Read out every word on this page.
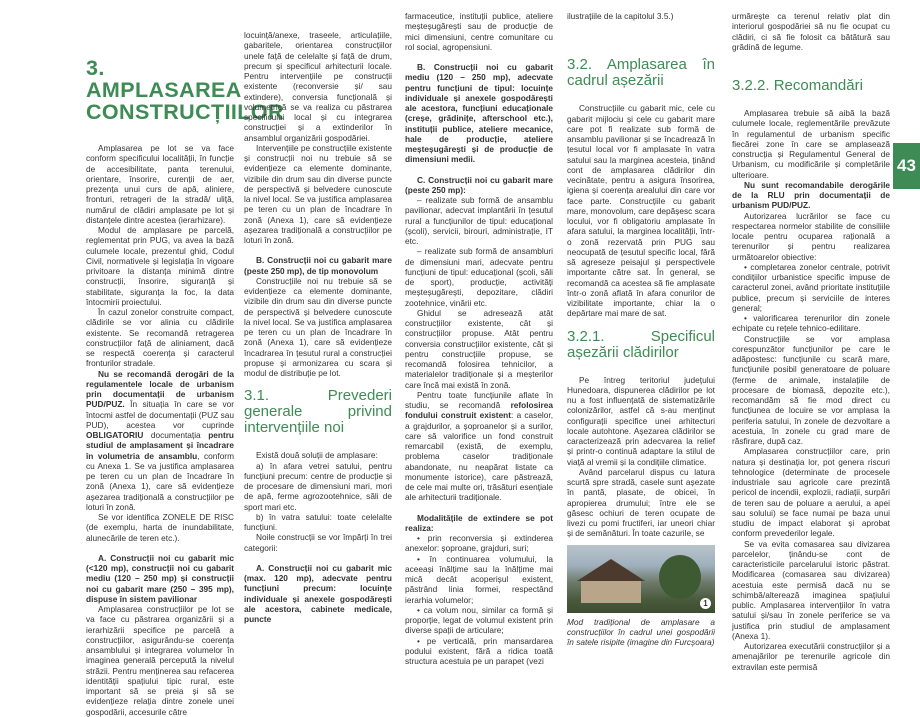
3. AMPLASAREA CONSTRUCȚIILOR

Amplasarea pe lot se va face conform specificului localității, în funcție de accesibilitate, panta terenului, orientare, însorire, curenții de aer, prezența unui curs de apă, aliniere, fronturi, retrageri de la stradă/ uliță, numărul de clădiri amplasate pe lot și distanțele dintre acestea (ierarhizare).

Modul de amplasare pe parcelă, reglementat prin PUG, va avea la bază culumele locale, prezentul ghid, Codul Civil, normativele și legislația în vigoare privitoare la distanța minimă dintre construcții, însorire, siguranță și stabilitate, siguranța la foc, la data întocmirii proiectului.

În cazul zonelor construite compact, clădirile se vor alinia cu clădirile existente. Se recomandă retragerea construcțiilor față de aliniament, dacă se respectă coerența și caracterul fronturilor stradale.

Nu se recomandă derogări de la regulamentele locale de urbanism prin documentații de urbanism PUD/PUZ. În situația în care se vor întocmi astfel de documentații (PUZ sau PUD), acestea vor cuprinde OBLIGATORIU documentația pentru studiul de amplasament și încadrare în volumetria de ansamblu, conform cu Anexa 1. Se va justifica amplasarea pe teren cu un plan de încadrare în zonă (Anexa 1), care să evidențieze așezarea tradițională a construcțiilor pe loturi în zonă.

Se vor identifica ZONELE DE RISC (de exemplu, harta de inundabilitate, alunecările de teren etc.).

A. Construcții noi cu gabarit mic (<120 mp), construcții noi cu gabarit mediu (120 – 250 mp) și construcții noi cu gabarit mare (250 – 395 mp), dispuse în sistem pavilionar

Amplasarea construcțiilor pe lot se va face cu păstrarea organizării și a ierarhizării specifice pe parcelă a construcțiilor, asigurându-se coerența ansamblului și integrarea volumelor în imaginea generală percepută la nivelul străzii. Pentru menținerea sau refacerea identității spațiului tipic rural, este important să se preia și să se evidențieze relația dintre zonele unei gospodării, accesurile către

locuință/anexe, traseele, articulațiile, gabaritele, orientarea construcțiilor unele față de celelalte și față de drum, precum și specificul arhitecturii locale. Pentru intervențiile pe construcții existente (reconversie și/ sau extindere), conversia funcțională și volumetrică se va realiza cu păstrarea specificului local și cu integrarea construcției și a extinderilor în ansamblul organizării gospodăriei.

Intervențiile pe construcțiile existente și construcții noi nu trebuie să se evidențieze ca elemente dominante, vizibile din drum sau din diverse puncte de perspectivă și belvedere cunoscute la nivel local. Se va justifica amplasarea pe teren cu un plan de încadrare în zonă (Anexa 1), care să evidențieze așezarea tradițională a construcțiilor pe loturi în zonă.

B. Construcții noi cu gabarit mare (peste 250 mp), de tip monovolum

Construcțiile noi nu trebuie să se evidențieze ca elemente dominante, vizibile din drum sau din diverse puncte de perspectivă și belvedere cunoscute la nivel local. Se va justifica amplasarea pe teren cu un plan de încadrare în zonă (Anexa 1), care să evidențieze încadrarea în țesutul rural a construcției propuse și armonizarea cu scara și modul de distribuție pe lot.

3.1. Prevederi generale privind intervențiile noi

Există două soluții de amplasare:

a) în afara vetrei satului, pentru funcțiuni precum: centre de producție și de procesare de dimensiuni mari, mori de apă, ferme agrozootehnice, săli de sport mari etc.

b) în vatra satului: toate celelalte funcțiuni.

Noile construcții se vor împărți în trei categorii:

A. Construcții noi cu gabarit mic (max. 120 mp), adecvate pentru funcțiuni precum: locuințe individuale și anexele gospodărești ale acestora, cabinete medicale, puncte

farmaceutice, instituții publice, ateliere meșteșugărești sau de producție de mici dimensiuni, centre comunitare cu rol social, agropensiuni.

B. Construcții noi cu gabarit mediu (120 – 250 mp), adecvate pentru funcțiuni de tipul: locuințe individuale și anexele gospodărești ale acestora, funcțiuni educaționale (creșe, grădinițe, afterschool etc.), instituții publice, ateliere mecanice, hale de producție, ateliere meșteșugărești și de producție de dimensiuni medii.

C. Construcții noi cu gabarit mare (peste 250 mp):

– realizate sub formă de ansamblu pavilionar, adecvat implantării în țesutul rural a funcțiunilor de tipul: educațional (școli), servicii, birouri, administrație, IT etc.

– realizate sub formă de ansambluri de dimensiuni mari, adecvate pentru funcțiuni de tipul: educațional (școli, săli de sport), producție, activități meșteșugărești, depozitare, clădiri zootehnice, vinării etc.

Ghidul se adresează atât construcțiilor existente, cât și construcțiilor propuse. Atât pentru conversia construcțiilor existente, cât și pentru construcțiile propuse, se recomandă folosirea tehnicilor, a materialelor tradiționale și a meșterilor care încă mai există în zonă.

Pentru toate funcțiunile aflate în studiu, se recomandă refolosirea fondului construit existent: a caselor, a grajdurilor, a șoproanelor și a surilor, care să valorifice un fond construit remarcabil (există, de exemplu, problema caselor tradiționale abandonate, nu neapărat listate ca monumente istorice), care păstrează, de cele mai multe ori, trăsături esențiale ale arhitecturii tradiționale.

Modalitățile de extindere se pot realiza:

• prin reconversia și extinderea anexelor: șoproane, grajduri, suri;

• în continuarea volumului, la aceeași înălțime sau la înălțime mai mică decât acoperișul existent, păstrând linia formei, respectând ierarhia volumelor;

• ca volum nou, similar ca formă și proporție, legat de volumul existent prin diverse spații de articulare;

• pe verticală, prin mansardarea podului existent, fără a ridica toată structura acestuia pe un parapet (vezi

ilustrațiile de la capitolul 3.5.)

3.2. Amplasarea în cadrul așezării

Construcțiile cu gabarit mic, cele cu gabarit mijlociu și cele cu gabarit mare care pot fi realizate sub formă de ansamblu pavilionar și se încadrează în țesutul local vor fi amplasate în vatra satului sau la marginea acesteia, ținând cont de amplasarea clădirilor din vecinătate, pentru a asigura însorirea, igiena și coerența arealului din care vor face parte. Construcțiile cu gabarit mare, monovolum, care depășesc scara locului, vor fi obligatoriu amplasate în afara satului, la marginea localității, într-o zonă rezervată prin PUG sau neocupată de țesutul specific local, fără să agreseze peisajul și perspectivele importante către sat. În general, se recomandă ca acestea să fie amplasate într-o zonă aflată în afara conurilor de vizibilitate importante, chiar la o depărtare mai mare de sat.

3.2.1. Specificul așezării clădirilor

Pe întreg teritoriul județului Hunedoara, dispunerea clădirilor pe lot nu a fost influențată de sistematizările colonizărilor, astfel că s-au menținut configurații specifice unei arhitecturi locale autohtone. Așezarea clădirilor se caracterizează prin adecvarea la relief și printr-o continuă adaptare la stilul de viață al vremii și la condițiile climatice.

Având parcelarul dispus cu latura scurtă spre stradă, casele sunt așezate în pantă, plasate, de obicei, în apropierea drumului; între ele se găsesc ochiuri de teren ocupate de livezi cu pomi fructiferi, iar uneori chiar și de semănături. În toate cazurile, se

1

Mod tradițional de amplasare a construcțiilor în cadrul unei gospodării în satele risipite (imagine din Furcșoara)

urmărește ca terenul relativ plat din interiorul gospodăriei să nu fie ocupat cu clădiri, ci să fie folosit ca bătătură sau grădină de legume.

3.2.2. Recomandări

Amplasarea trebuie să aibă la bază culumele locale, reglementările prevăzute în regulamentul de urbanism specific fiecărei zone în care se amplasează construcția și Regulamentul General de Urbanism, cu modificările și completările ulterioare.

Nu sunt recomandabile derogările de la RLU prin documentații de urbanism PUD/PUZ.

Autorizarea lucrărilor se face cu respectarea normelor stabilite de consiliile locale pentru ocuparea rațională a terenurilor și pentru realizarea următoarelor obiective:

• completarea zonelor centrale, potrivit condițiilor urbanistice specific impuse de caracterul zonei, având prioritate instituțiile publice, precum și serviciile de interes general;

• valorificarea terenurilor din zonele echipate cu rețele tehnico-edilitare.

Construcțiile se vor amplasa corespunzător funcțiunilor pe care le adăpostesc: funcțiunile cu scară mare, funcțiunile posibil generatoare de poluare (ferme de animale, instalațiile de procesare de biomasă, depozite etc.), recomandăm să fie mod direct cu funcțiunea de locuire se vor amplasa la periferia satului, în zonele de dezvoltare a acestuia, în zonele cu grad mare de răsfirare, după caz.

Amplasarea construcțiilor care, prin natura și destinația lor, pot genera riscuri tehnologice (determinate de procesele industriale sau agricole care prezintă pericol de incendii, explozii, radiații, surpări de teren sau de poluare a aerului, a apei sau solului) se face numai pe baza unui studiu de impact elaborat și aprobat conform prevederilor legale.

Se va evita comasarea sau divizarea parcelelor, ținându-se cont de caracteristicile parcelarului istoric păstrat. Modificarea (comasarea sau divizarea) acestuia este permisă dacă nu se schimbă/alterează imaginea spațiului public. Amplasarea intervențiilor în vatra satului și/sau în zonele periferice se va justifica prin studiul de amplasament (Anexa 1).

Autorizarea executării construcțiilor și a amenajărilor pe terenurile agricole din extravilan este permisă

43
